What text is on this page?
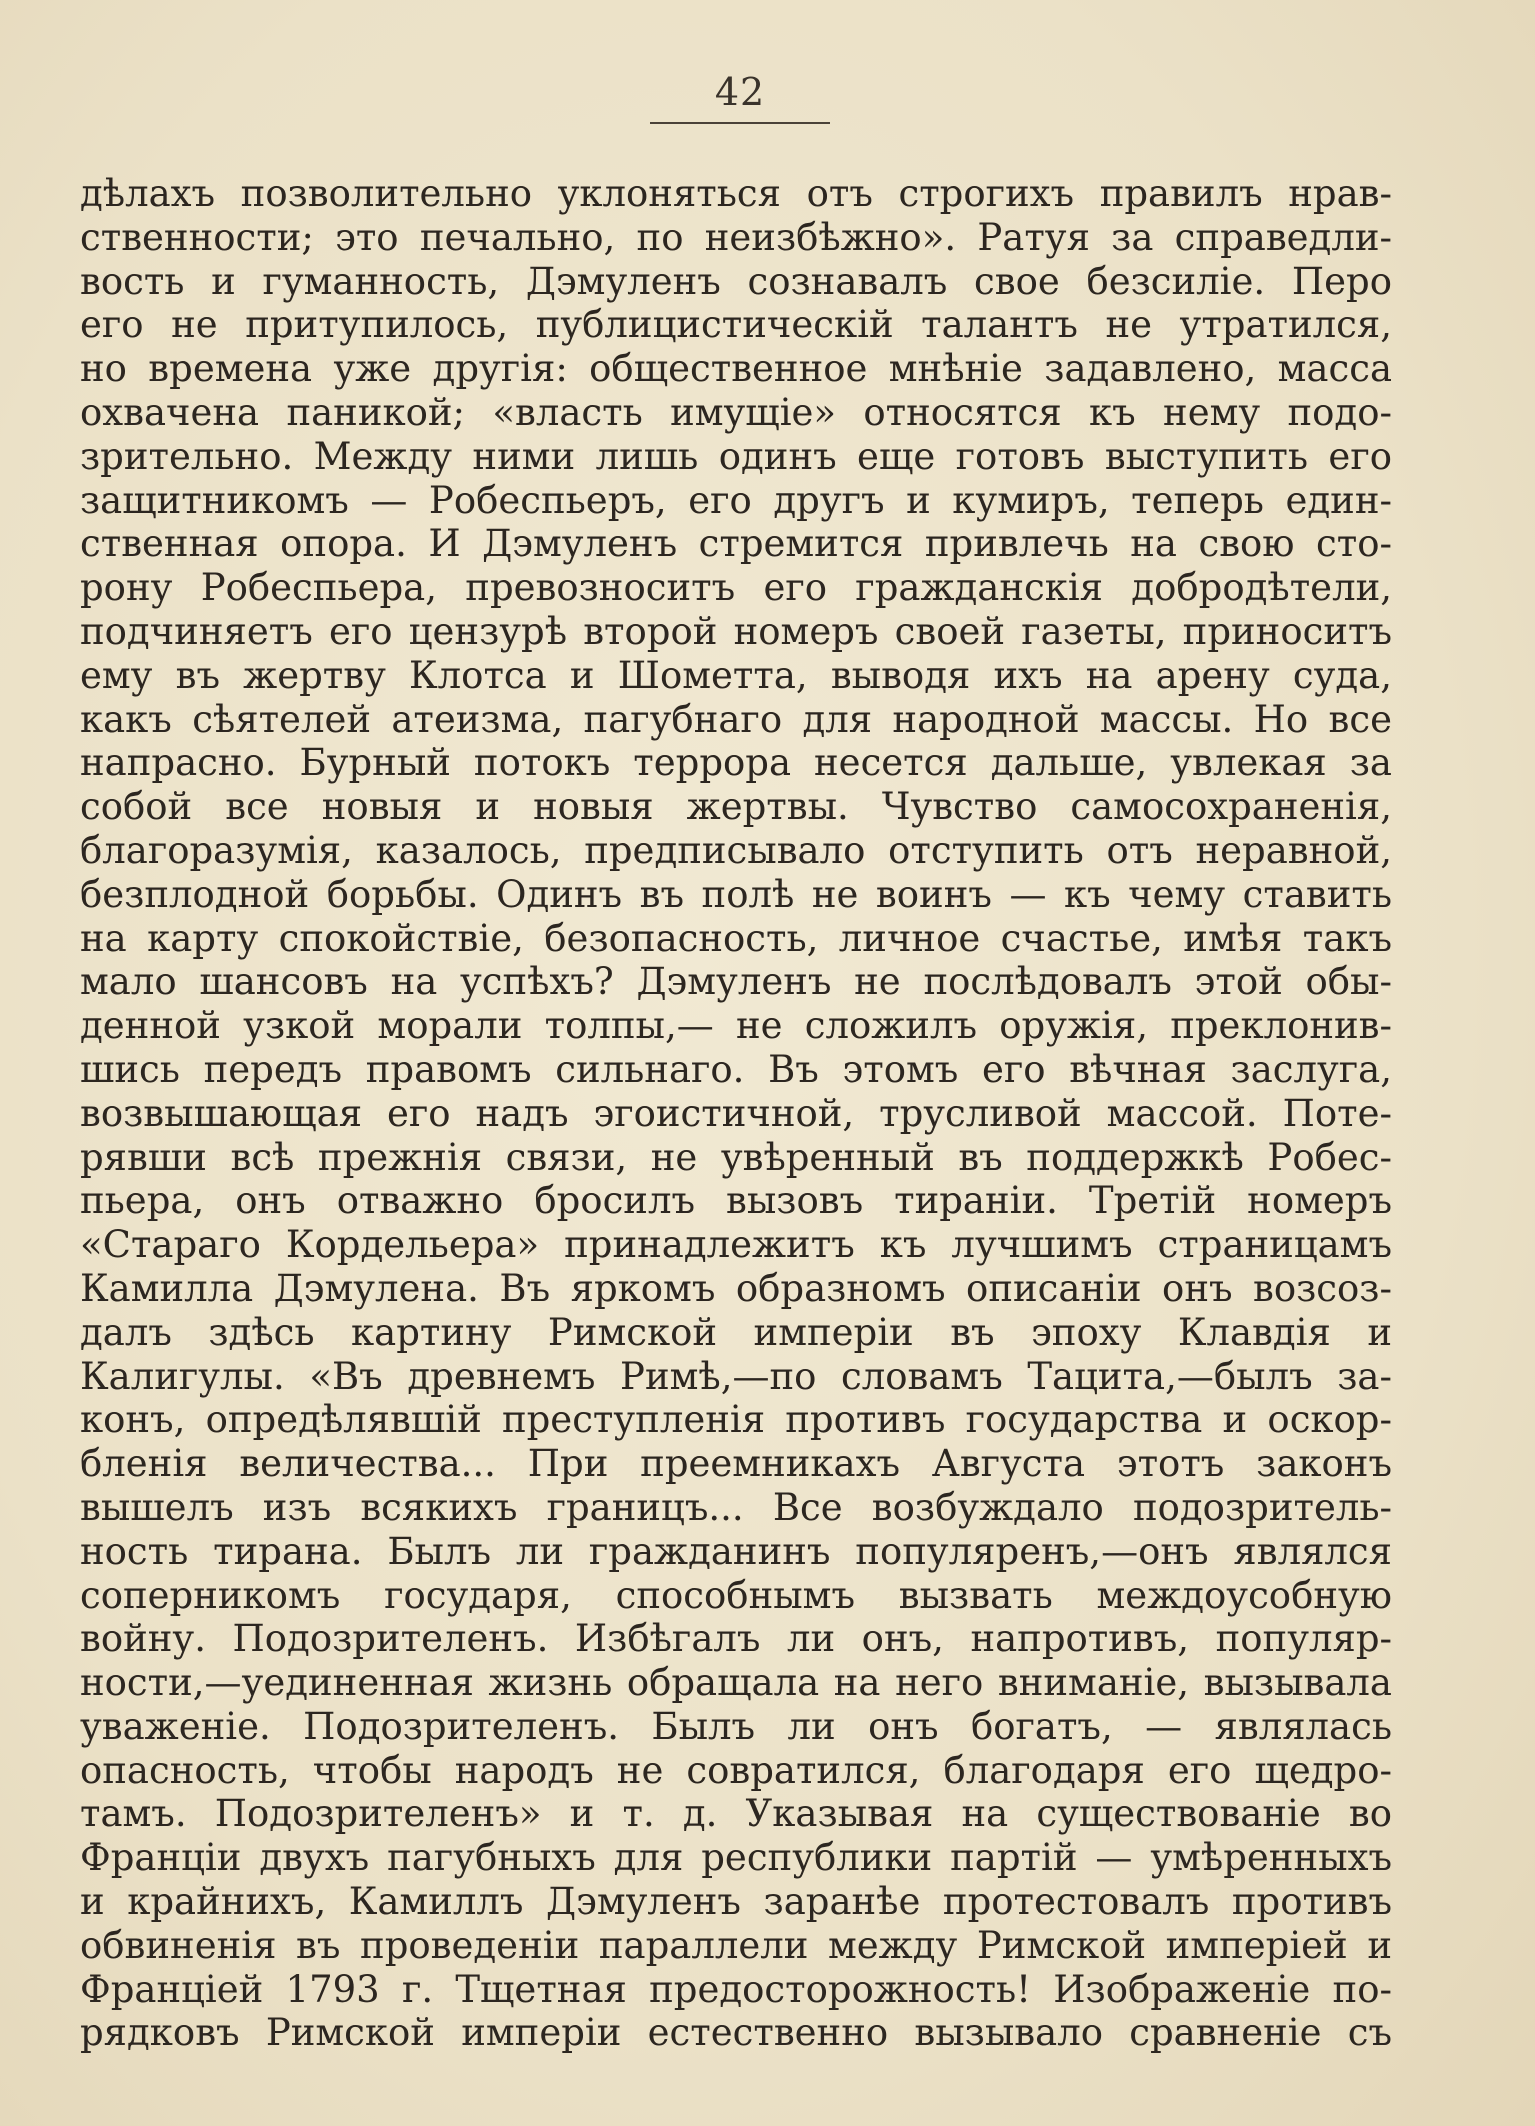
42
дѣлахъ позволительно уклоняться отъ строгихъ правилъ нрав-
ственности; это печально, по неизбѣжно». Ратуя за справедли-
вость и гуманность, Дэмуленъ сознавалъ свое безсиліе. Перо
его не притупилось, публицистическій талантъ не утратился,
но времена уже другія: общественное мнѣніе задавлено, масса
охвачена паникой; «власть имущіе» относятся къ нему подо-
зрительно. Между ними лишь одинъ еще готовъ выступить его
защитникомъ — Робеспьеръ, его другъ и кумиръ, теперь един-
ственная опора. И Дэмуленъ стремится привлечь на свою сто-
рону Робеспьера, превозноситъ его гражданскія добродѣтели,
подчиняетъ его цензурѣ второй номеръ своей газеты, приноситъ
ему въ жертву Клотса и Шометта, выводя ихъ на арену суда,
какъ сѣятелей атеизма, пагубнаго для народной массы. Но все
напрасно. Бурный потокъ террора несется дальше, увлекая за
собой все новыя и новыя жертвы. Чувство самосохраненія,
благоразумія, казалось, предписывало отступить отъ неравной,
безплодной борьбы. Одинъ въ полѣ не воинъ — къ чему ставить
на карту спокойствіе, безопасность, личное счастье, имѣя такъ
мало шансовъ на успѣхъ? Дэмуленъ не послѣдовалъ этой обы-
денной узкой морали толпы,— не сложилъ оружія, преклонив-
шись передъ правомъ сильнаго. Въ этомъ его вѣчная заслуга,
возвышающая его надъ эгоистичной, трусливой массой. Поте-
рявши всѣ прежнія связи, не увѣренный въ поддержкѣ Робес-
пьера, онъ отважно бросилъ вызовъ тираніи. Третій номеръ
«Стараго Кордельера» принадлежитъ къ лучшимъ страницамъ
Камилла Дэмулена. Въ яркомъ образномъ описаніи онъ возсоз-
далъ здѣсь картину Римской имперіи въ эпоху Клавдія и
Калигулы. «Въ древнемъ Римѣ,—по словамъ Тацита,—былъ за-
конъ, опредѣлявшій преступленія противъ государства и оскор-
бленія величества... При преемникахъ Августа этотъ законъ
вышелъ изъ всякихъ границъ... Все возбуждало подозритель-
ность тирана. Былъ ли гражданинъ популяренъ,—онъ являлся
соперникомъ государя, способнымъ вызвать междоусобную
войну. Подозрителенъ. Избѣгалъ ли онъ, напротивъ, популяр-
ности,—уединенная жизнь обращала на него вниманіе, вызывала
уваженіе. Подозрителенъ. Былъ ли онъ богатъ, — являлась
опасность, чтобы народъ не совратился, благодаря его щедро-
тамъ. Подозрителенъ» и т. д. Указывая на существованіе во
Франціи двухъ пагубныхъ для республики партій — умѣренныхъ
и крайнихъ, Камиллъ Дэмуленъ заранѣе протестовалъ противъ
обвиненія въ проведеніи параллели между Римской имперіей и
Франціей 1793 г. Тщетная предосторожность! Изображеніе по-
рядковъ Римской имперіи естественно вызывало сравненіе съ
